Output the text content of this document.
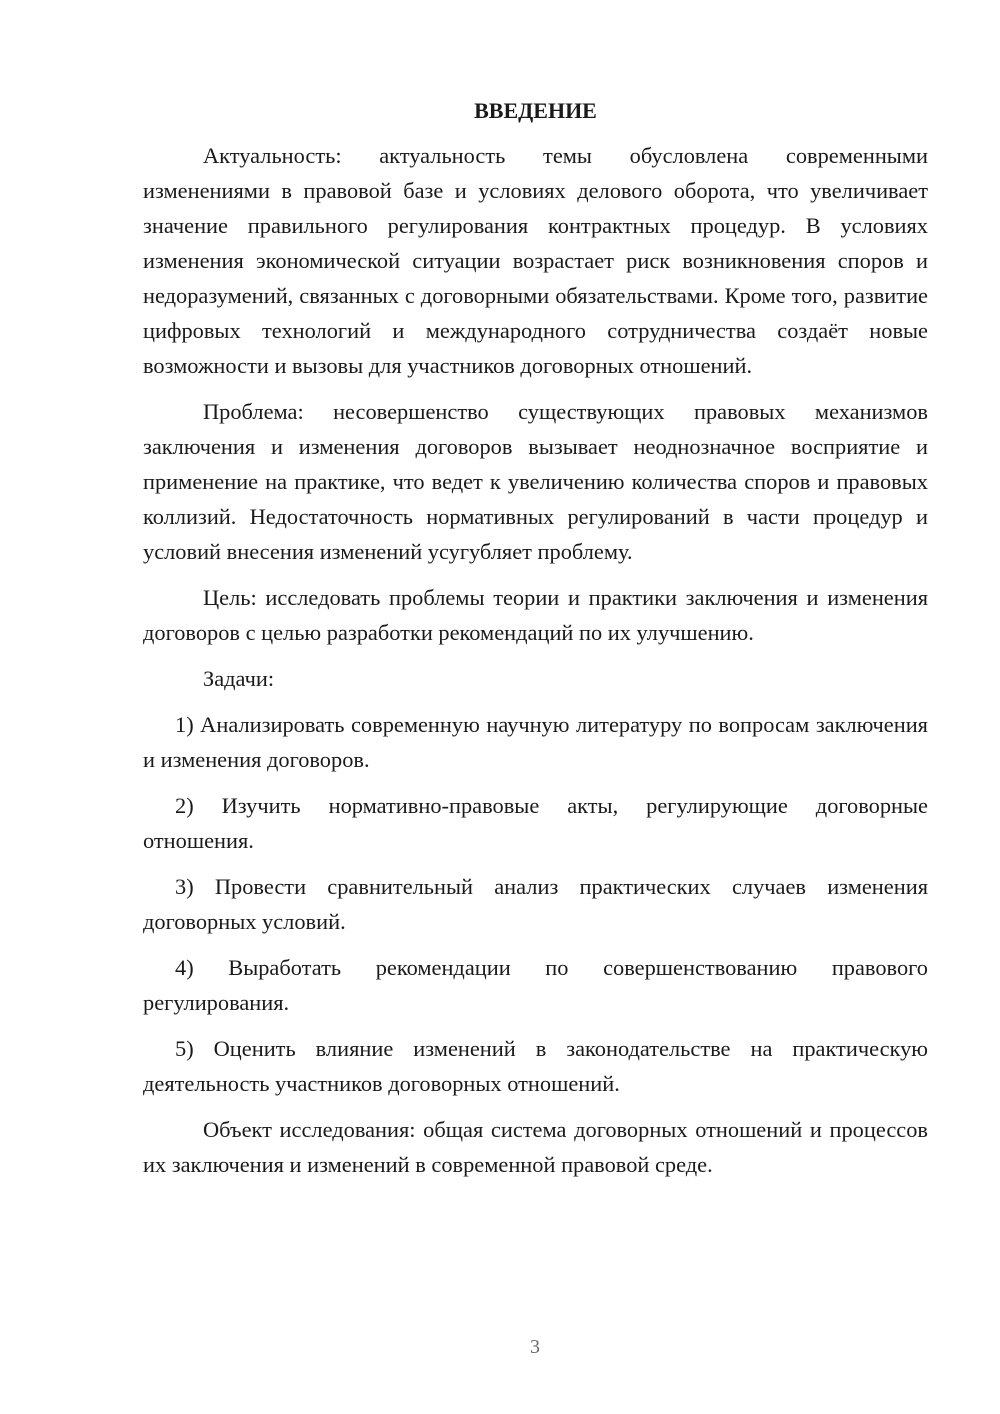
ВВЕДЕНИЕ

Актуальность: актуальность темы обусловлена современными изменениями в правовой базе и условиях делового оборота, что увеличивает значение правильного регулирования контрактных процедур. В условиях изменения экономической ситуации возрастает риск возникновения споров и недоразумений, связанных с договорными обязательствами. Кроме того, развитие цифровых технологий и международного сотрудничества создаёт новые возможности и вызовы для участников договорных отношений.

Проблема: несовершенство существующих правовых механизмов заключения и изменения договоров вызывает неоднозначное восприятие и применение на практике, что ведет к увеличению количества споров и правовых коллизий. Недостаточность нормативных регулирований в части процедур и условий внесения изменений усугубляет проблему.

Цель: исследовать проблемы теории и практики заключения и изменения договоров с целью разработки рекомендаций по их улучшению.

Задачи:

1) Анализировать современную научную литературу по вопросам заключения и изменения договоров.

2) Изучить нормативно-правовые акты, регулирующие договорные отношения.

3) Провести сравнительный анализ практических случаев изменения договорных условий.

4) Выработать рекомендации по совершенствованию правового регулирования.

5) Оценить влияние изменений в законодательстве на практическую деятельность участников договорных отношений.

Объект исследования: общая система договорных отношений и процессов их заключения и изменений в современной правовой среде.

3
